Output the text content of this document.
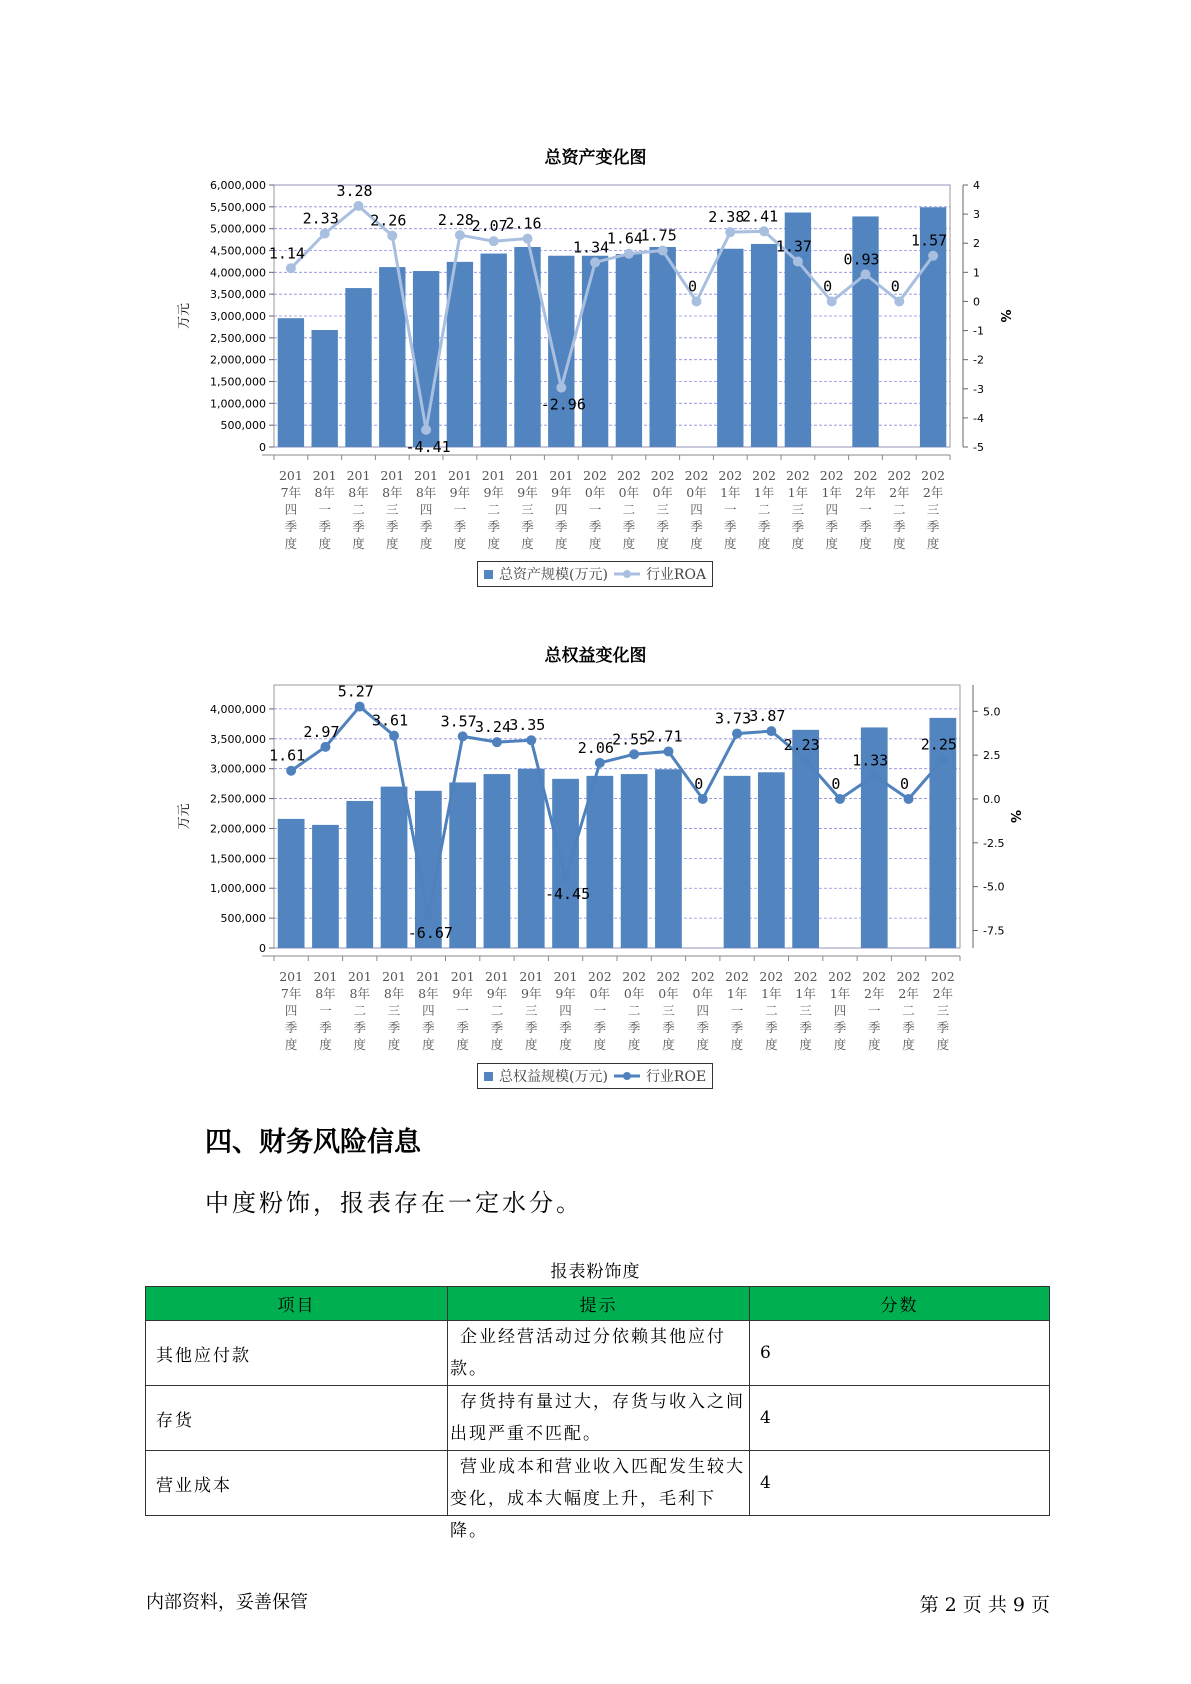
总资产变化图
6,000,000
5,500,000
5,000,000
4,500,000
4,000,000
3,500,000
3,000,000
2,500,000
2,000,000
1,500,000
1,000,000
500,000
0
4
3
2
1
0
-1
-2
-3
-4
-5
万元	%
201 7年四季度
201 8年一季度
201 8年二季度
201 8年三季度
201 8年四季度
201 9年一季度
201 9年二季度
201 9年三季度
201 9年四季度
202 0年一季度
202 0年二季度
202 0年三季度
202 0年四季度
202 1年一季度
202 1年二季度
202 1年三季度
202 1年四季度
202 2年一季度
202 2年二季度
202 2年三季度
1.14
2.33
3.28
2.26
-4.41
2.28
2.07
2.16
-2.96
1.34
1.64
1.75
0
2.38
2.41
1.37
0
0.93
0
1.57
总资产规模(万元)	行业ROA
总权益变化图
4,000,000
3,500,000
3,000,000
2,500,000
2,000,000
1,500,000
1,000,000
500,000
0
5.0
2.5
0.0
-2.5
-5.0
-7.5
万元	%
201 7年四季度
201 8年一季度
201 8年二季度
201 8年三季度
201 8年四季度
201 9年一季度
201 9年二季度
201 9年三季度
201 9年四季度
202 0年一季度
202 0年二季度
202 0年三季度
202 0年四季度
202 1年一季度
202 1年二季度
202 1年三季度
202 1年四季度
202 2年一季度
202 2年二季度
202 2年三季度
1.61
2.97
5.27
3.61
-6.67
3.57
3.24
3.35
-4.45
2.06
2.55
2.71
0
3.73
3.87
2.23
0
1.33
0
2.25
总权益规模(万元)	行业ROE
四、财务风险信息
中度粉饰，报表存在一定水分。
报表粉饰度
项目	提示	分数
其他应付款	企业经营活动过分依赖其他应付款。	6
存货	存货持有量过大，存货与收入之间出现严重不匹配。	4
营业成本	营业成本和营业收入匹配发生较大变化，成本大幅度上升，毛利下降。	4
内部资料，妥善保管	第 2 页 共 9 页
